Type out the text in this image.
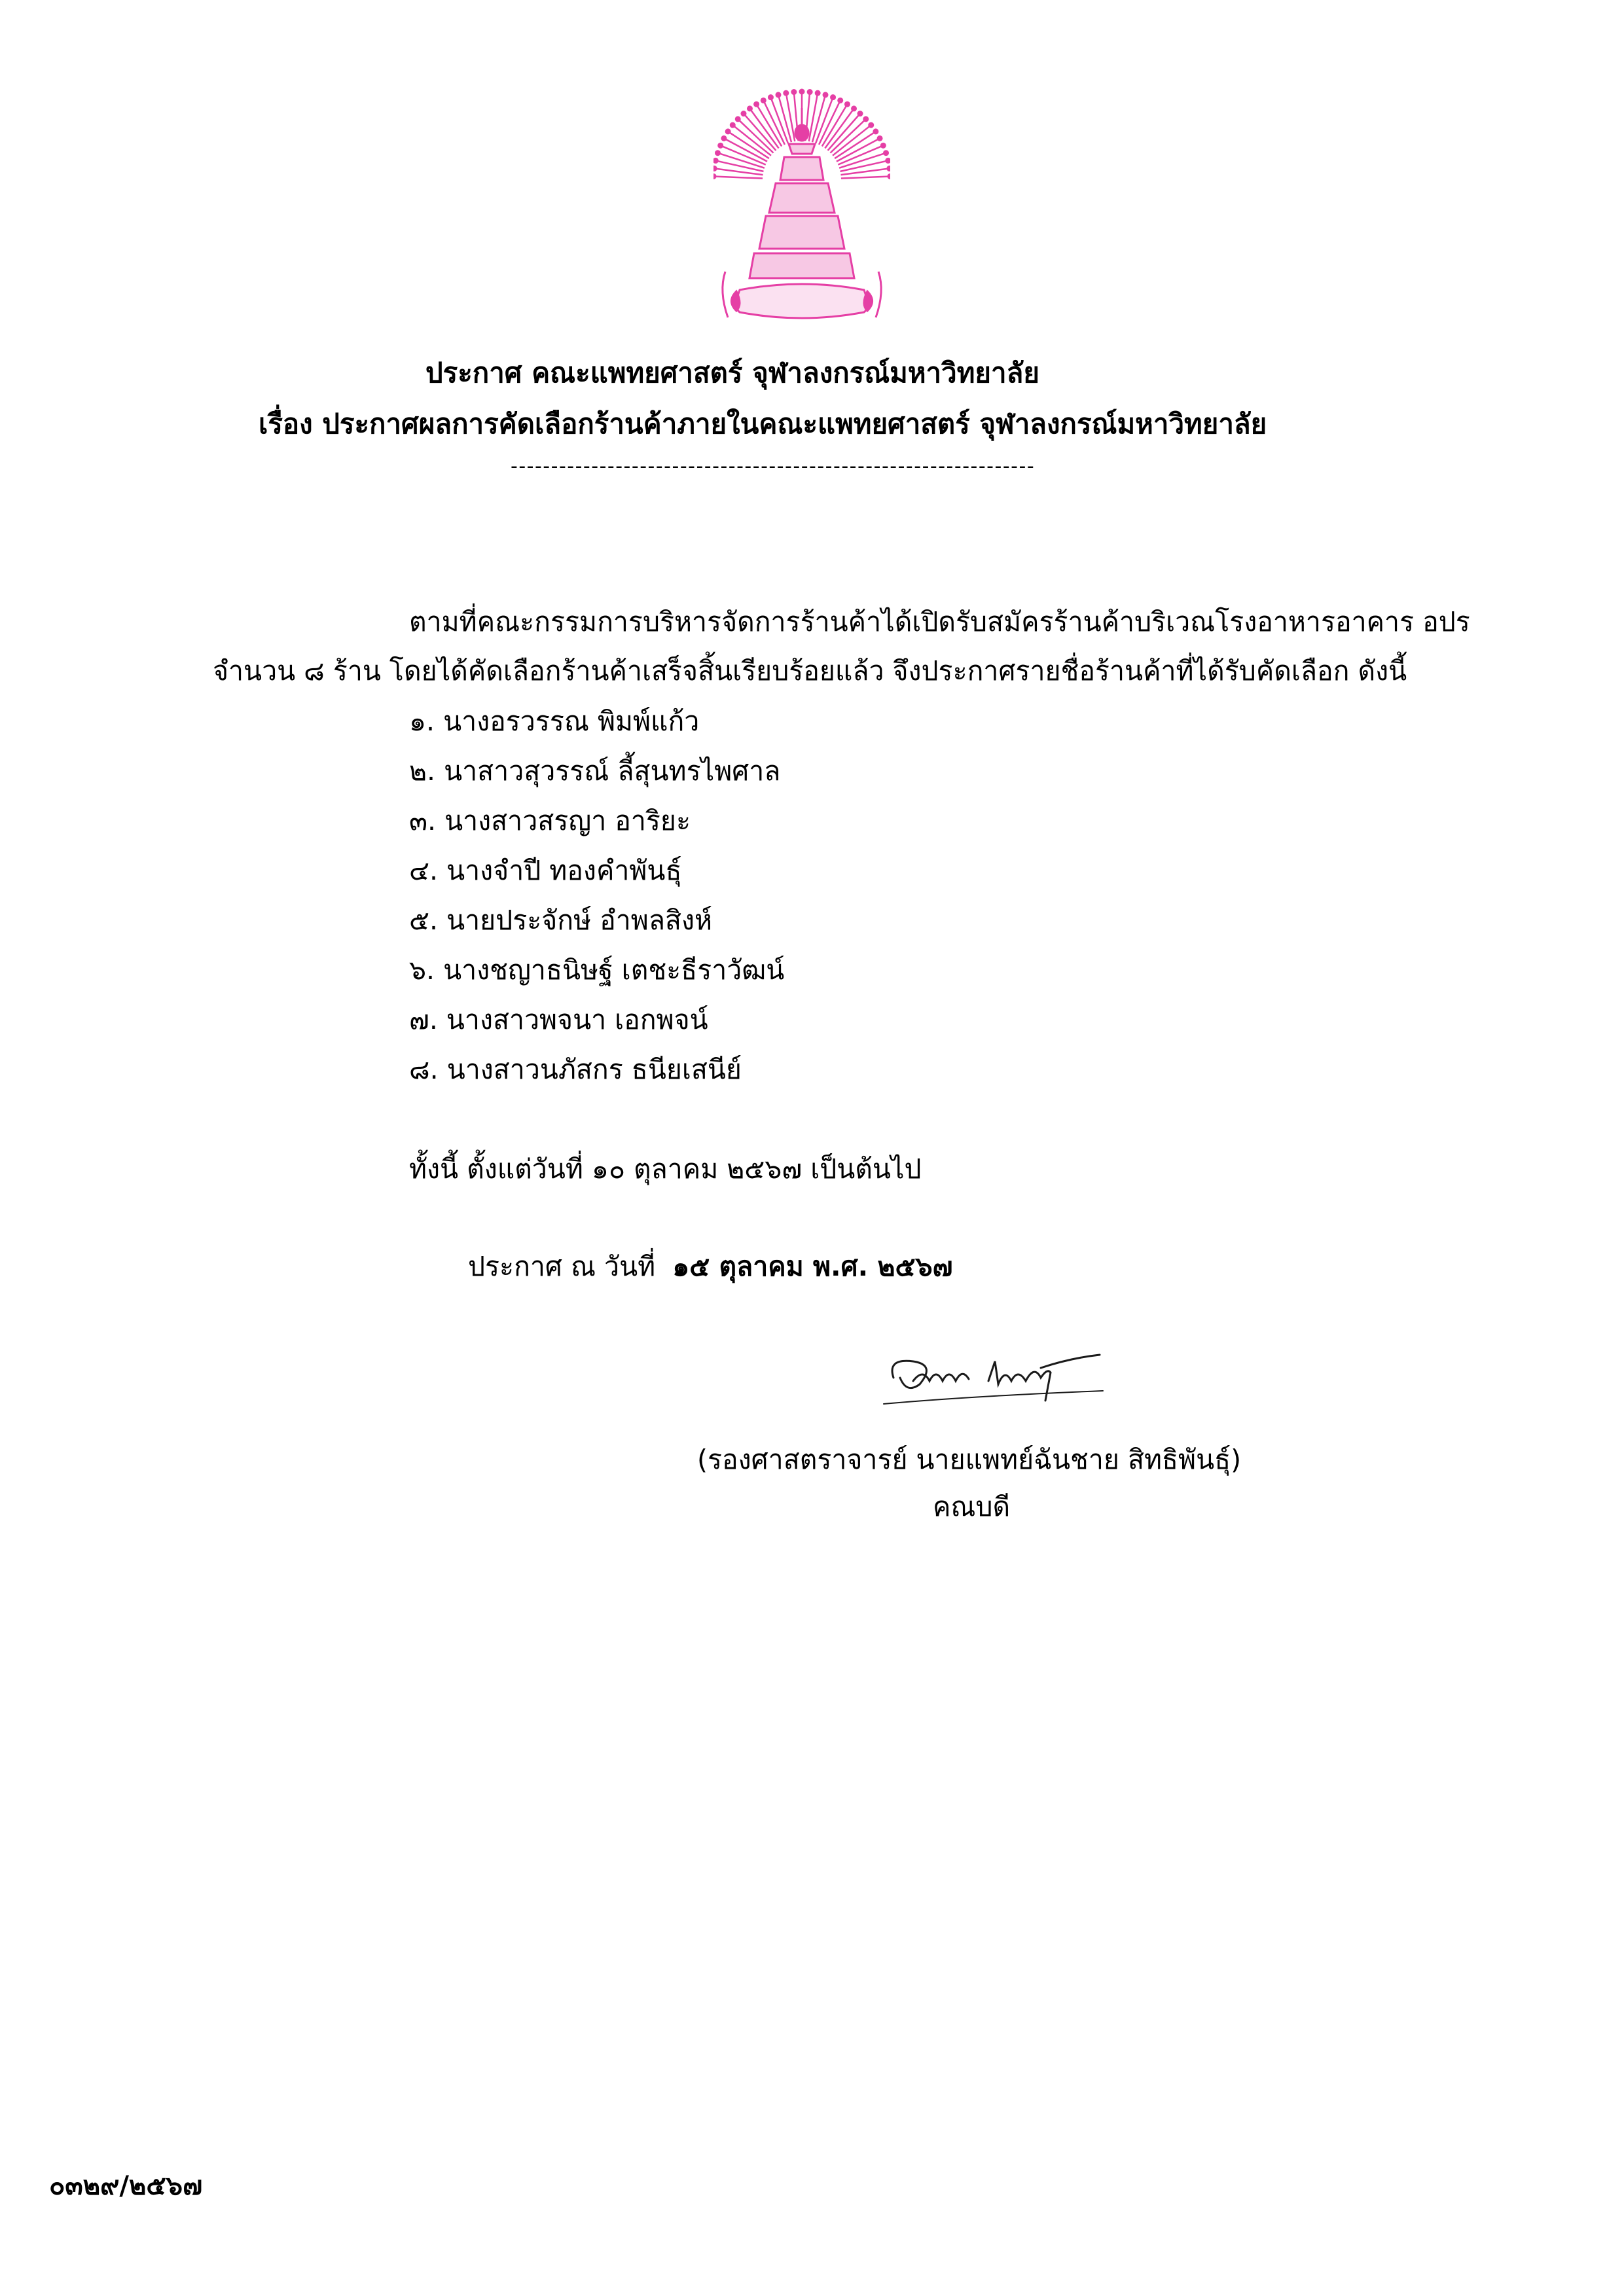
ประกาศ คณะแพทยศาสตร์ จุฬาลงกรณ์มหาวิทยาลัย
เรื่อง ประกาศผลการคัดเลือกร้านค้าภายในคณะแพทยศาสตร์ จุฬาลงกรณ์มหาวิทยาลัย
-----------------------------------------------------------------
ตามที่คณะกรรมการบริหารจัดการร้านค้าได้เปิดรับสมัครร้านค้าบริเวณโรงอาหารอาคาร อปร
จำนวน ๘ ร้าน โดยได้คัดเลือกร้านค้าเสร็จสิ้นเรียบร้อยแล้ว จึงประกาศรายชื่อร้านค้าที่ได้รับคัดเลือก ดังนี้
๑. นางอรวรรณ พิมพ์แก้ว
๒. นาสาวสุวรรณ์ ลี้สุนทรไพศาล
๓. นางสาวสรญา อาริยะ
๔. นางจำปี ทองคำพันธุ์
๕. นายประจักษ์ อำพลสิงห์
๖. นางชญาธนิษฐ์ เตชะธีราวัฒน์
๗. นางสาวพจนา เอกพจน์
๘. นางสาวนภัสกร ธนียเสนีย์
ทั้งนี้ ตั้งแต่วันที่ ๑๐ ตุลาคม ๒๕๖๗ เป็นต้นไป
ประกาศ ณ วันที่ ๑๕ ตุลาคม พ.ศ. ๒๕๖๗
(รองศาสตราจารย์ นายแพทย์ฉันชาย สิทธิพันธุ์)
คณบดี
๐๓๒๙/๒๕๖๗
